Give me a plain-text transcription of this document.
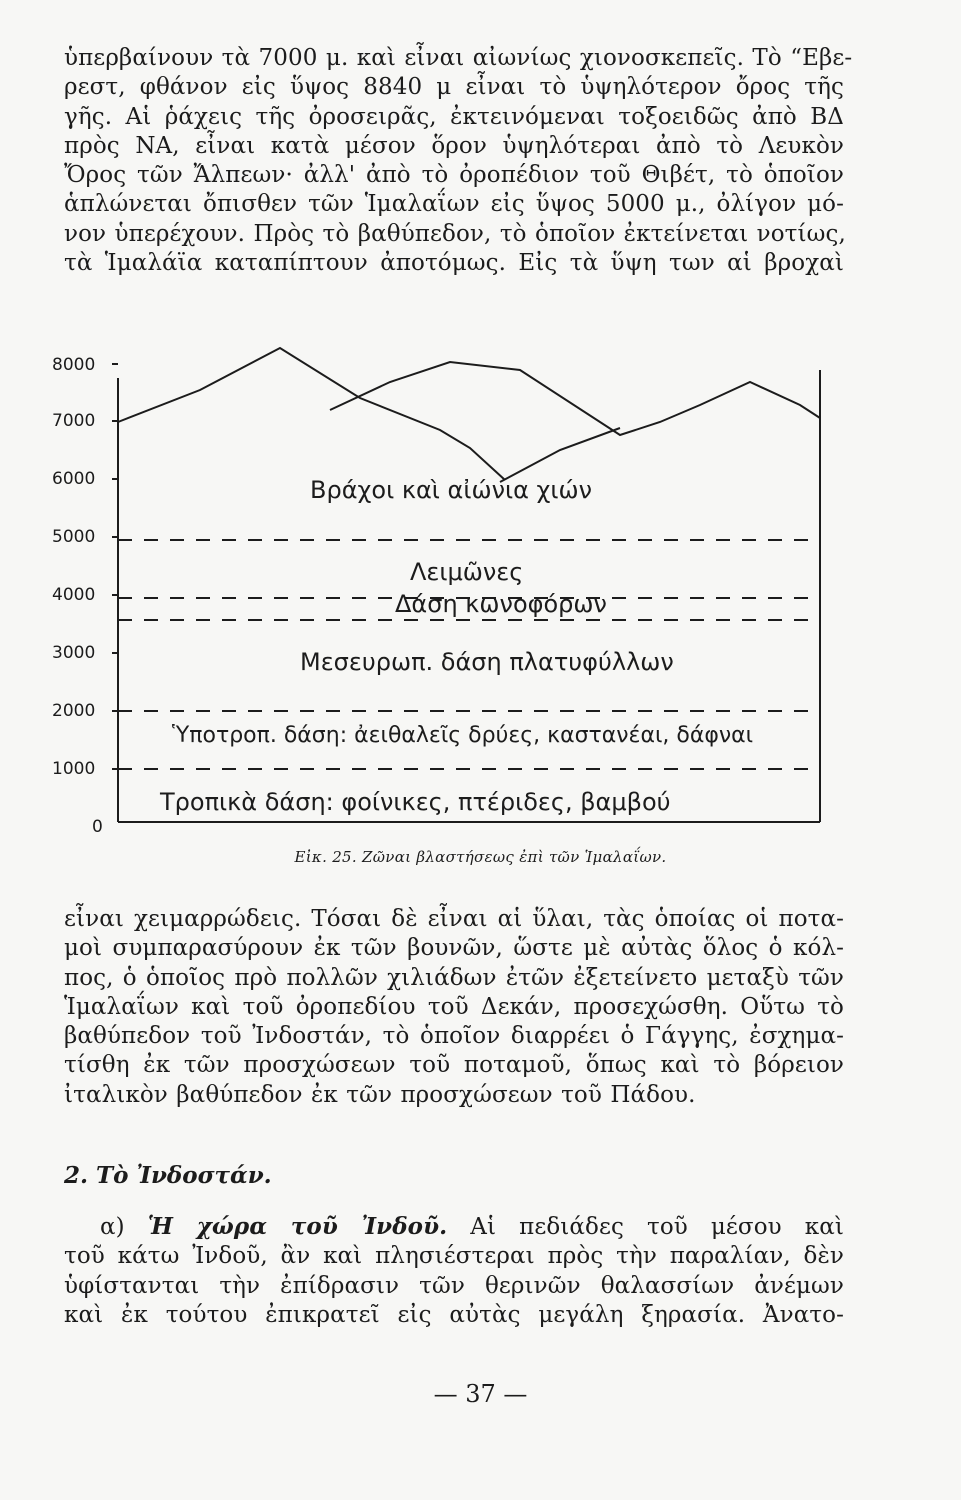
ὑπερβαίνουν τὰ 7000 μ. καὶ εἶναι αἰωνίως χιονοσκεπεῖς. Τὸ “Εβε-
ρεστ, φθάνον εἰς ὕψος 8840 μ εἶναι τὸ ὑψηλότερον ὄρος τῆς
γῆς. Αἱ ῥάχεις τῆς ὀροσειρᾶς, ἐκτεινόμεναι τοξοειδῶς ἀπὸ ΒΔ
πρὸς ΝΑ, εἶναι κατὰ μέσον ὅρον ὑψηλότεραι ἀπὸ τὸ Λευκὸν
Ὄρος τῶν Ἄλπεων· ἀλλ' ἀπὸ τὸ ὀροπέδιον τοῦ Θιβέτ, τὸ ὁποῖον
ἁπλώνεται ὄπισθεν τῶν Ἱμαλαΐων εἰς ὕψος 5000 μ., ὀλίγον μό-
νον ὑπερέχουν. Πρὸς τὸ βαθύπεδον, τὸ ὁποῖον ἐκτείνεται νοτίως,
τὰ Ἱμαλάϊα καταπίπτουν ἀποτόμως. Εἰς τὰ ὕψη των αἱ βροχαὶ
8000
7000
6000
5000
4000
3000
2000
1000
0
Βράχοι καὶ αἰώνια χιών
Λειμῶνες
Δάση κωνοφόρων
Μεσευρωπ. δάση πλατυφύλλων
Ὑποτροπ. δάση: ἀειθαλεῖς δρύες, καστανέαι, δάφναι
Τροπικὰ δάση: φοίνικες, πτέριδες, βαμβού
Εἰκ. 25. Ζῶναι βλαστήσεως ἐπὶ τῶν Ἱμαλαΐων.
εἶναι χειμαρρώδεις. Τόσαι δὲ εἶναι αἱ ὕλαι, τὰς ὁποίας οἱ ποτα-
μοὶ συμπαρασύρουν ἐκ τῶν βουνῶν, ὥστε μὲ αὐτὰς ὅλος ὁ κόλ-
πος, ὁ ὁποῖος πρὸ πολλῶν χιλιάδων ἐτῶν ἐξετείνετο μεταξὺ τῶν
Ἱμαλαΐων καὶ τοῦ ὀροπεδίου τοῦ Δεκάν, προσεχώσθη. Οὕτω τὸ
βαθύπεδον τοῦ Ἰνδοστάν, τὸ ὁποῖον διαρρέει ὁ Γάγγης, ἐσχημα-
τίσθη ἐκ τῶν προσχώσεων τοῦ ποταμοῦ, ὅπως καὶ τὸ βόρειον
ἰταλικὸν βαθύπεδον ἐκ τῶν προσχώσεων τοῦ Πάδου.
2. Τὸ Ἰνδοστάν.
α) Ἡ χώρα τοῦ Ἰνδοῦ. Αἱ πεδιάδες τοῦ μέσου καὶ
τοῦ κάτω Ἰνδοῦ, ἂν καὶ πλησιέστεραι πρὸς τὴν παραλίαν, δὲν
ὑφίστανται τὴν ἐπίδρασιν τῶν θερινῶν θαλασσίων ἀνέμων
καὶ ἐκ τούτου ἐπικρατεῖ εἰς αὐτὰς μεγάλη ξηρασία. Ἀνατο-
— 37 —
